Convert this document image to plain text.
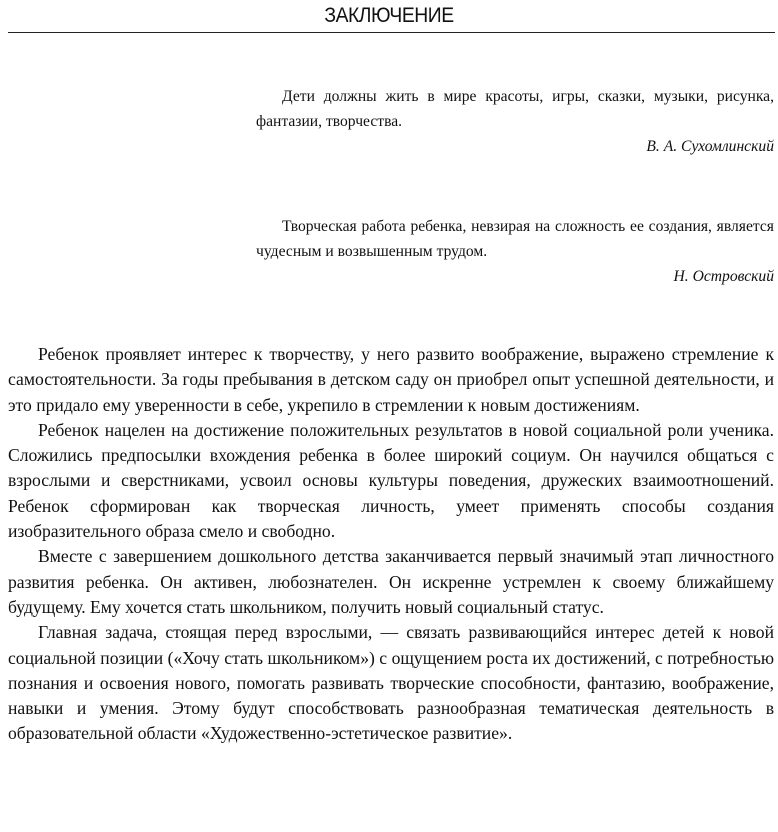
ЗАКЛЮЧЕНИЕ

Дети должны жить в мире красоты, игры, сказки, музыки, рисунка, фантазии, творчества.

В. А. Сухомлинский

Творческая работа ребенка, невзирая на сложность ее создания, является чудесным и возвышенным трудом.

Н. Островский

Ребенок проявляет интерес к творчеству, у него развито воображение, выражено стремление к самостоятельности. За годы пребывания в детском саду он приобрел опыт успешной деятельности, и это придало ему уверенности в себе, укрепило в стремлении к новым достижениям.

Ребенок нацелен на достижение положительных результатов в новой социальной роли ученика. Сложились предпосылки вхождения ребенка в более широкий социум. Он научился общаться с взрослыми и сверстниками, усвоил основы культуры поведения, дружеских взаимоотношений. Ребенок сформирован как творческая личность, умеет применять способы создания изобразительного образа смело и свободно.

Вместе с завершением дошкольного детства заканчивается первый значимый этап личностного развития ребенка. Он активен, любознателен. Он искренне устремлен к своему ближайшему будущему. Ему хочется стать школьником, получить новый социальный статус.

Главная задача, стоящая перед взрослыми, — связать развивающийся интерес детей к новой социальной позиции («Хочу стать школьником») с ощущением роста их достижений, с потребностью познания и освоения нового, помогать развивать творческие способности, фантазию, воображение, навыки и умения. Этому будут способствовать разнообразная тематическая деятельность в образовательной области «Художественно-эстетическое развитие».
